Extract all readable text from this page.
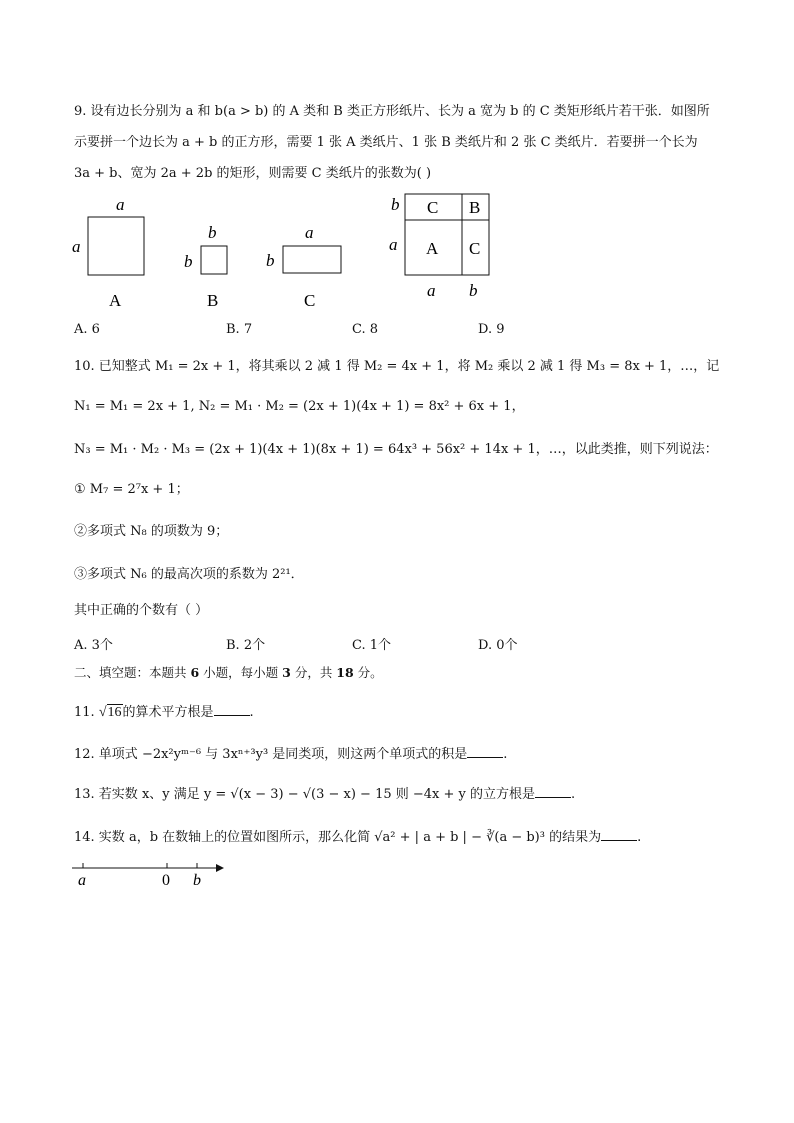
9. 设有边长分别为 a 和 b(a > b) 的 A 类和 B 类正方形纸片、长为 a 宽为 b 的 C 类矩形纸片若干张．如图所
示要拼一个边长为 a + b 的正方形，需要 1 张 A 类纸片、1 张 B 类纸片和 2 张 C 类纸片．若要拼一个长为
3a + b、宽为 2a + 2b 的矩形，则需要 C 类纸片的张数为( )
a
a
A
b
b
B
a
b
C
b
a
C B
A C
a b
A. 6	B. 7	C. 8	D. 9
10. 已知整式 M₁ = 2x + 1，将其乘以 2 减 1 得 M₂ = 4x + 1，将 M₂ 乘以 2 减 1 得 M₃ = 8x + 1，…，记
N₁ = M₁ = 2x + 1, N₂ = M₁ · M₂ = (2x + 1)(4x + 1) = 8x² + 6x + 1，
N₃ = M₁ · M₂ · M₃ = (2x + 1)(4x + 1)(8x + 1) = 64x³ + 56x² + 14x + 1，…，以此类推，则下列说法：
① M₇ = 2⁷x + 1；
②多项式 N₈ 的项数为 9；
③多项式 N₆ 的最高次项的系数为 2²¹．
其中正确的个数有（ ）
A. 3个	B. 2个	C. 1个	D. 0个
二、填空题：本题共 6 小题，每小题 3 分，共 18 分。
11. √16的算术平方根是	.
12. 单项式 −2x²yᵐ⁻⁶ 与 3xⁿ⁺³y³ 是同类项，则这两个单项式的积是	.
13. 若实数 x、y 满足 y = √(x − 3) − √(3 − x) − 15 则 −4x + y 的立方根是	.
14. 实数 a，b 在数轴上的位置如图所示，那么化简 √a² + | a + b | − ∛(a − b)³ 的结果为	.
a	0 b
